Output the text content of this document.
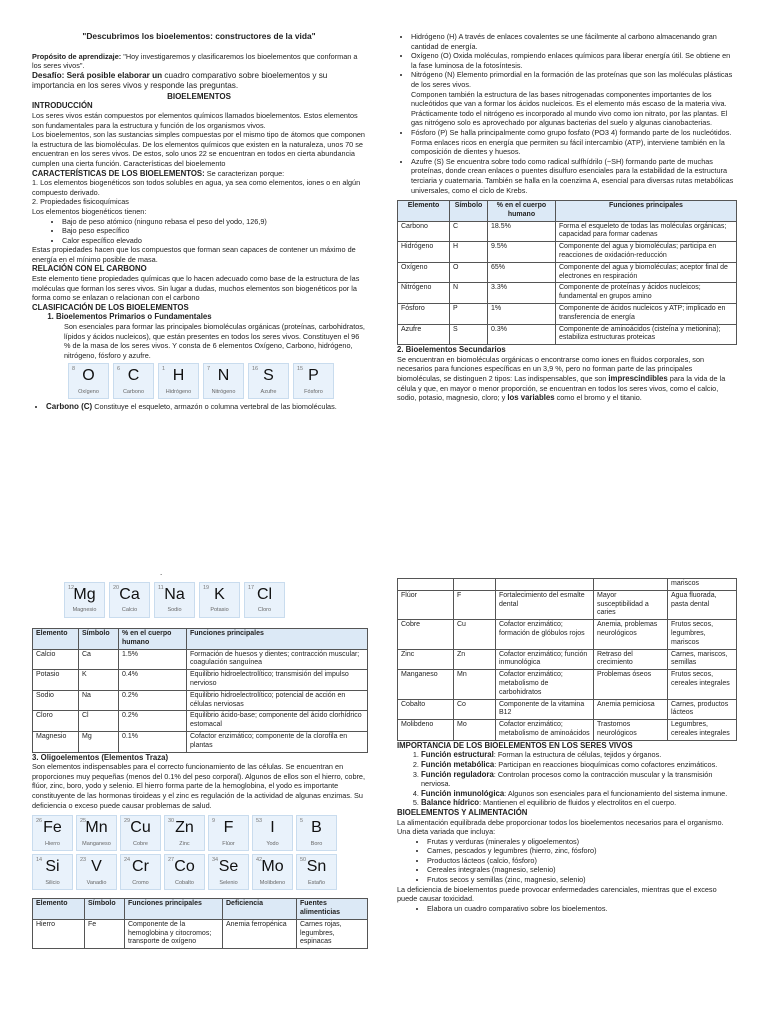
"Descubrimos los bioelementos: constructores de la vida"

Propósito de aprendizaje: "Hoy investigaremos y clasificaremos los bioelementos que conforman a los seres vivos".

Desafío: Será posible elaborar un cuadro comparativo sobre bioelementos y su importancia en los seres vivos y responde las preguntas.

BIOELEMENTOS

INTRODUCCIÓN

Los seres vivos están compuestos por elementos químicos llamados bioelementos. Estos elementos son fundamentales para la estructura y función de los organismos vivos.

Los bioelementos, son las sustancias simples compuestas por el mismo tipo de átomos que componen la estructura de las biomoléculas. De los elementos químicos que existen en la naturaleza, unos 70 se encuentran en los seres vivos. De estos, solo unos 22 se encuentran en todos en cierta abundancia cumplen una cierta función. Características del bioelemento

CARACTERÍSTICAS DE LOS BIOELEMENTOS: Se caracterizan porque:

1. Los elementos biogenéticos son todos solubles en agua, ya sea como elementos, iones o en algún compuesto derivado.

2. Propiedades fisicoquímicas

Los elementos biogenéticos tienen:

• Bajo de peso atómico (ninguno rebasa el peso del yodo, 126,9)
• Bajo peso específico
• Calor específico elevado

Estas propiedades hacen que los compuestos que forman sean capaces de contener un máximo de energía en el mínimo posible de masa.

RELACIÓN CON EL CARBONO

Este elemento tiene propiedades químicas que lo hacen adecuado como base de la estructura de las moléculas que forman los seres vivos. Sin lugar a dudas, muchos elementos son biogenéticos por la forma como se enlazan o relacionan con el carbono

CLASIFICACIÓN DE LOS BIOELEMENTOS

1. Bioelementos Primarios o Fundamentales

Son esenciales para formar las principales biomoléculas orgánicas (proteínas, carbohidratos, lípidos y ácidos nucleicos), que están presentes en todos los seres vivos. Constituyen el 96 % de la masa de los seres vivos. Y consta de 6 elementos Oxígeno, Carbono, hidrógeno, nitrógeno, fósforo y azufre.

8 O
Oxígeno
6 C
Carbono
1 H
Hidrógeno
7 N
Nitrógeno
16 S
Azufre
15 P
Fósforo
• Carbono (C) Constituye el esqueleto, armazón o columna vertebral de las biomoléculas.
• Hidrógeno (H) A través de enlaces covalentes se une fácilmente al carbono almacenando gran cantidad de energía.
• Oxígeno (O) Oxida moléculas, rompiendo enlaces químicos para liberar energía útil. Se obtiene en la fase luminosa de la fotosíntesis.
• Nitrógeno (N) Elemento primordial en la formación de las proteínas que son las moléculas plásticas de los seres vivos.
Componen también la estructura de las bases nitrogenadas componentes importantes de los nucleótidos que van a formar los ácidos nucleicos. Es el elemento más escaso de la materia viva. Prácticamente todo el nitrógeno es incorporado al mundo vivo como ion nitrato, por las plantas. El gas nitrógeno solo es aprovechado por algunas bacterias del suelo y algunas cianobacterias.
• Fósforo (P) Se halla principalmente como grupo fosfato (PO3 4) formando parte de los nucleótidos. Forma enlaces ricos en energía que permiten su fácil intercambio (ATP), interviene también en la composición de dientes y huesos.
• Azufre (S) Se encuentra sobre todo como radical sulfhídrilo (−SH) formando parte de muchas proteínas, donde crean enlaces o puentes disulfuro esenciales para la estabilidad de la estructura terciaria y cuaternaria. También se halla en la coenzima A, esencial para diversas rutas metabólicas universales, como el ciclo de Krebs.
Elemento	Símbolo	% en el cuerpo humano	Funciones principales
Carbono	C	18.5%	Forma el esqueleto de todas las moléculas orgánicas; capacidad para formar cadenas
Hidrógeno	H	9.5%	Componente del agua y biomoléculas; participa en reacciones de oxidación-reducción
Oxígeno	O	65%	Componente del agua y biomoléculas; aceptor final de electrones en respiración
Nitrógeno	N	3.3%	Componente de proteínas y ácidos nucleicos; fundamental en grupos amino
Fósforo	P	1%	Componente de ácidos nucleicos y ATP; implicado en transferencia de energía
Azufre	S	0.3%	Componente de aminoácidos (cisteína y metionina); estabiliza estructuras proteicas

2. Bioelementos Secundarios

Se encuentran en biomoléculas orgánicas o encontrarse como iones en fluidos corporales, son necesarios para funciones específicas en un 3,9 %, pero no forman parte de las principales biomoléculas, se distinguen 2 tipos: Las indispensables, que son imprescindibles para la vida de la célula y que, en mayor o menor proporción, se encuentran en todos los seres vivos, como el calcio, sodio, potasio, magnesio, cloro; y los variables como el bromo y el titanio.

.
12 Mg
Magnesio
20 Ca
Calcio
11 Na
Sodio
19 K
Potasio
17 Cl
Cloro
Elemento	Símbolo	% en el cuerpo humano	Funciones principales
Calcio	Ca	1.5%	Formación de huesos y dientes; contracción muscular; coagulación sanguínea
Potasio	K	0.4%	Equilibrio hidroelectrolítico; transmisión del impulso nervioso
Sodio	Na	0.2%	Equilibrio hidroelectrolítico; potencial de acción en células nerviosas
Cloro	Cl	0.2%	Equilibrio ácido-base; componente del ácido clorhídrico estomacal
Magnesio	Mg	0.1%	Cofactor enzimático; componente de la clorofila en plantas

3. Oligoelementos (Elementos Traza)

Son elementos indispensables para el correcto funcionamiento de las células. Se encuentran en proporciones muy pequeñas (menos del 0.1% del peso corporal). Algunos de ellos son el hierro, cobre, flúor, zinc, boro, yodo y selenio. El hierro forma parte de la hemoglobina, el yodo es importante constituyente de las hormonas tiroideas y el zinc es regulación de la actividad de algunas enzimas. Su deficiencia o exceso puede causar problemas de salud.

26 Fe
Hierro
25 Mn
Manganeso
29 Cu
Cobre
30 Zn
Zinc
9 F
Flúor
53 I
Yodo
5 B
Boro
14 Si
Silicio
23 V
Vanadio
24 Cr
Cromo
27 Co
Cobalto
34 Se
Selenio
42 Mo
Molibdeno
50 Sn
Estaño
Elemento	Símbolo	Funciones principales	Deficiencia	Fuentes alimenticias
Hierro	Fe	Componente de la hemoglobina y citocromos; transporte de oxígeno	Anemia ferropénica	Carnes rojas, legumbres, espinacas
				mariscos
Flúor	F	Fortalecimiento del esmalte dental	Mayor susceptibilidad a caries	Agua fluorada, pasta dental
Cobre	Cu	Cofactor enzimático; formación de glóbulos rojos	Anemia, problemas neurológicos	Frutos secos, legumbres, mariscos
Zinc	Zn	Cofactor enzimático; función inmunológica	Retraso del crecimiento	Carnes, mariscos, semillas
Manganeso	Mn	Cofactor enzimático; metabolismo de carbohidratos	Problemas óseos	Frutos secos, cereales integrales
Cobalto	Co	Componente de la vitamina B12	Anemia perniciosa	Carnes, productos lácteos
Molibdeno	Mo	Cofactor enzimático; metabolismo de aminoácidos	Trastornos neurológicos	Legumbres, cereales integrales

IMPORTANCIA DE LOS BIOELEMENTOS EN LOS SERES VIVOS

1. Función estructural: Forman la estructura de células, tejidos y órganos.
2. Función metabólica: Participan en reacciones bioquímicas como cofactores enzimáticos.
3. Función reguladora: Controlan procesos como la contracción muscular y la transmisión nerviosa.
4. Función inmunológica: Algunos son esenciales para el funcionamiento del sistema inmune.
5. Balance hídrico: Mantienen el equilibrio de fluidos y electrolitos en el cuerpo.

BIOELEMENTOS Y ALIMENTACIÓN

La alimentación equilibrada debe proporcionar todos los bioelementos necesarios para el organismo. Una dieta variada que incluya:

• Frutas y verduras (minerales y oligoelementos)
• Carnes, pescados y legumbres (hierro, zinc, fósforo)
• Productos lácteos (calcio, fósforo)
• Cereales integrales (magnesio, selenio)
• Frutos secos y semillas (zinc, magnesio, selenio)

La deficiencia de bioelementos puede provocar enfermedades carenciales, mientras que el exceso puede causar toxicidad.

• Elabora un cuadro comparativo sobre los bioelementos.
